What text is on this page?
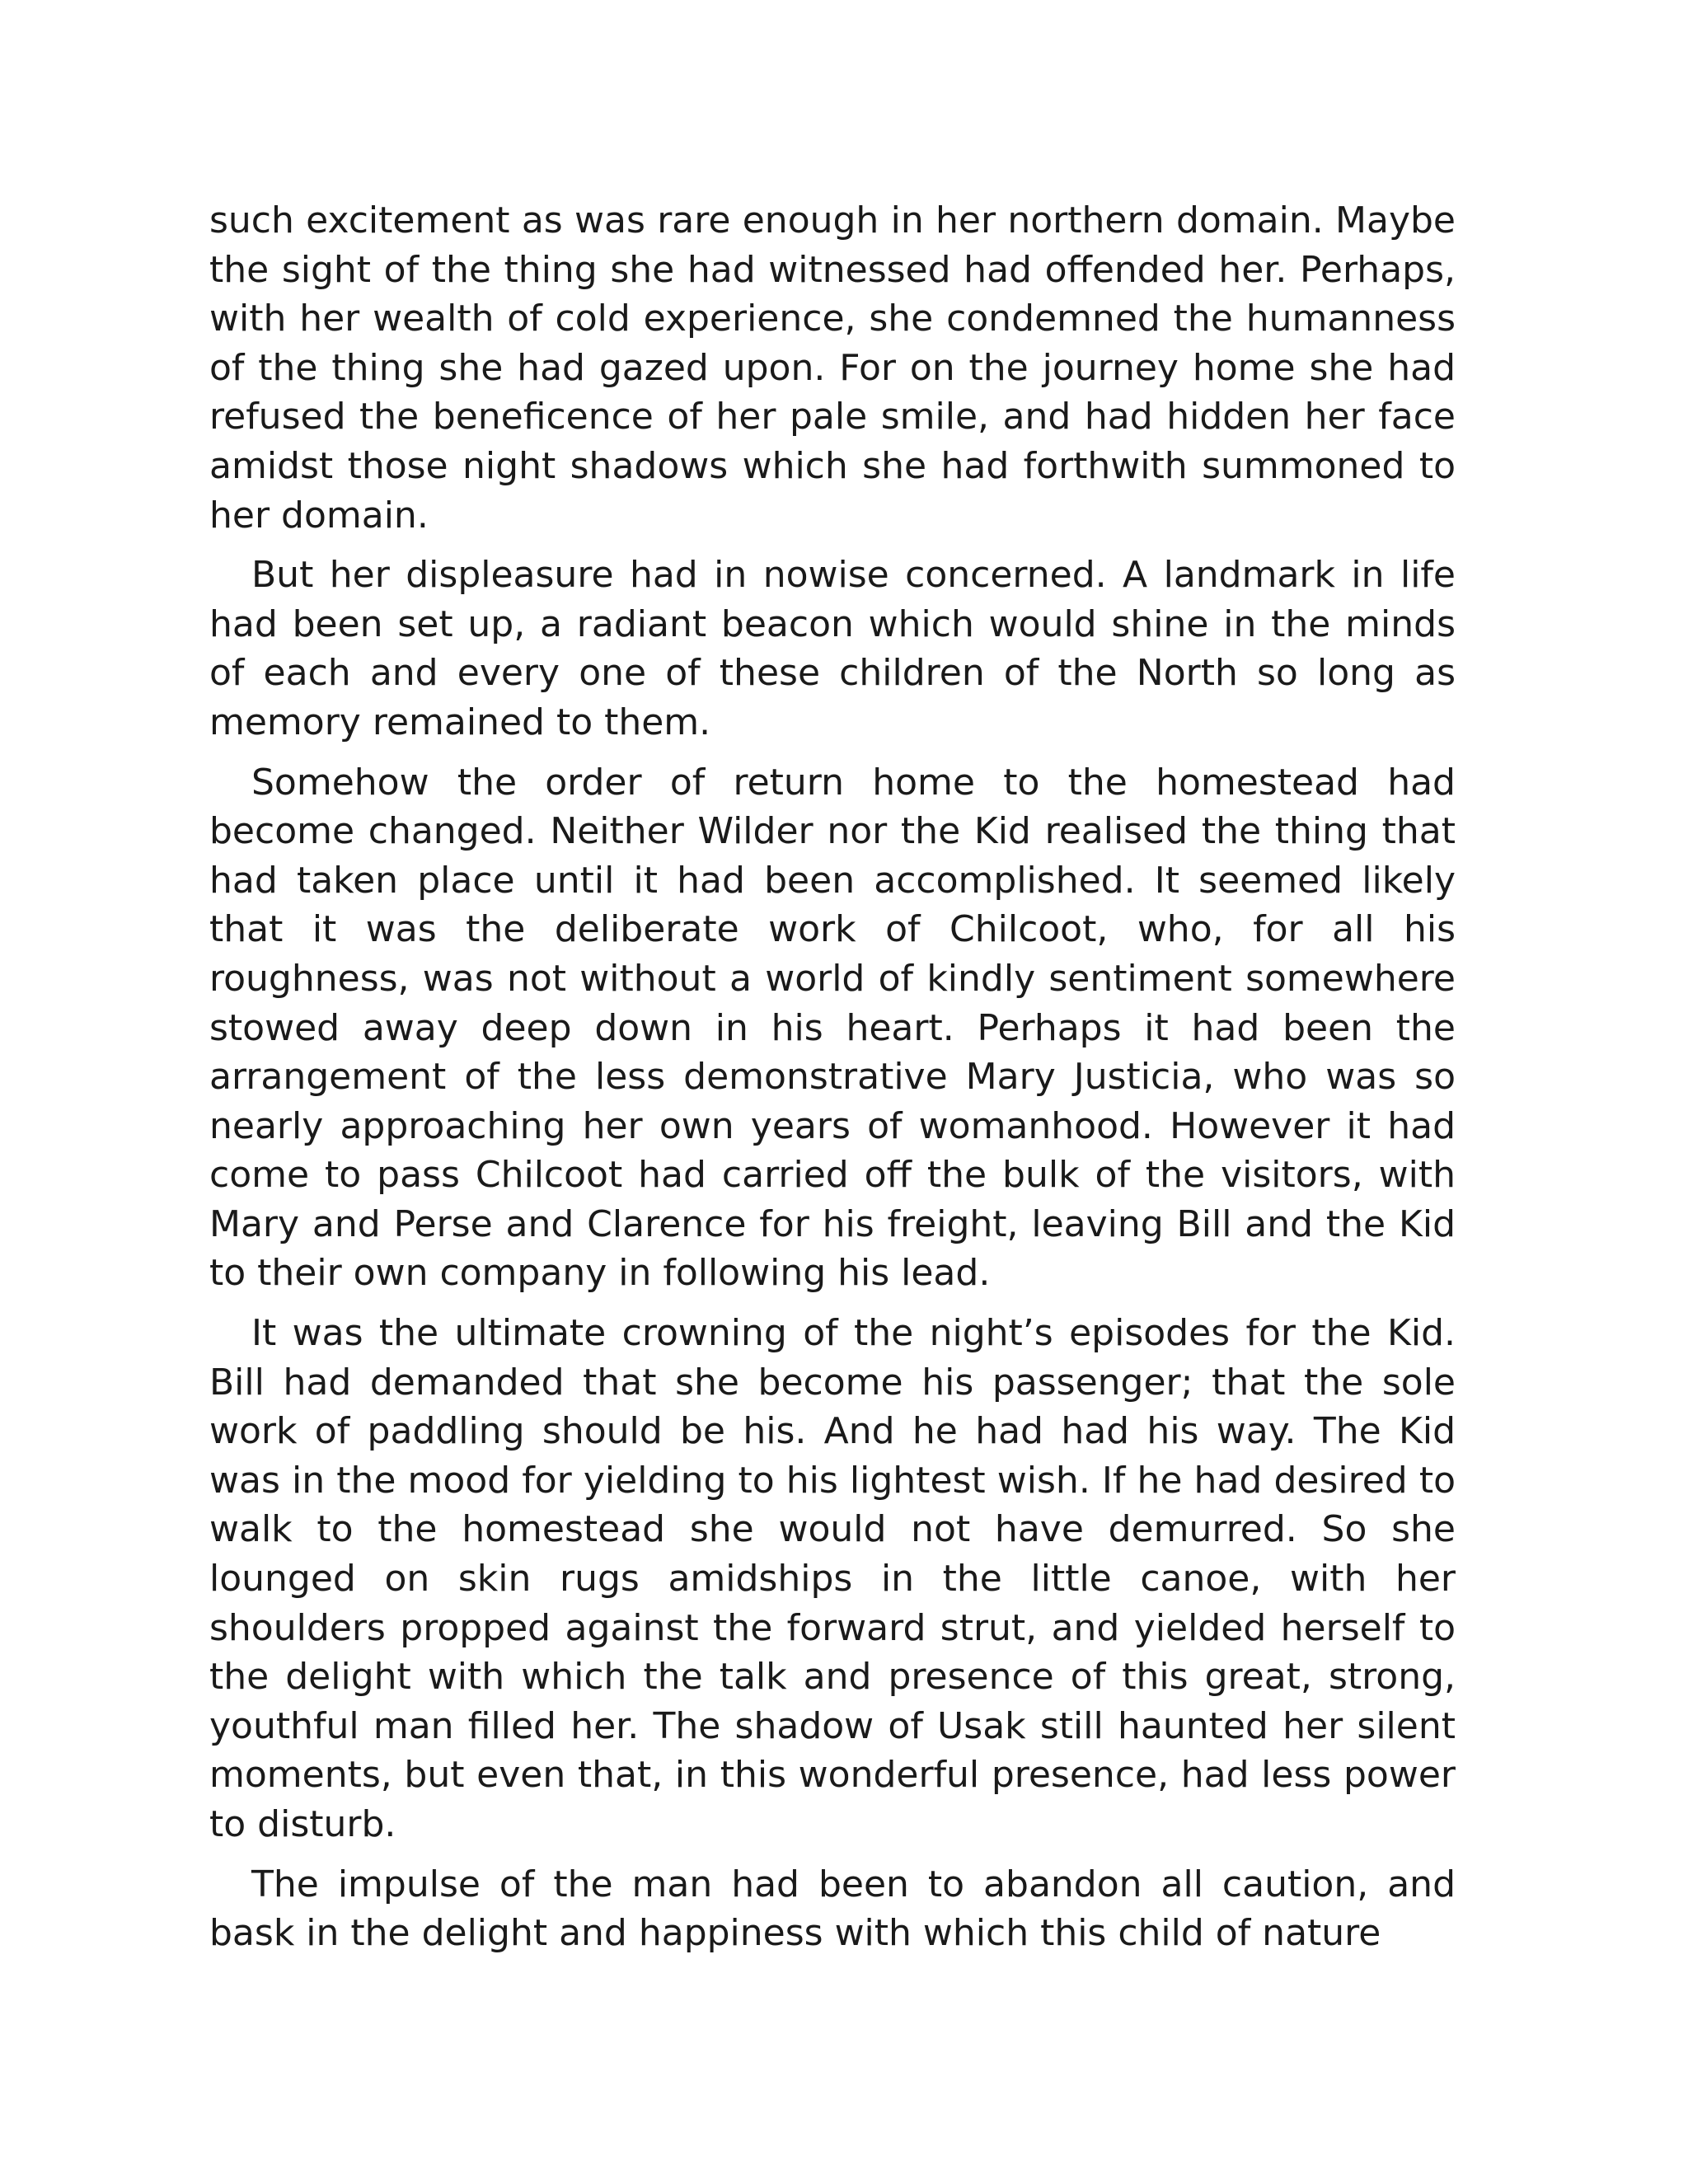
such excitement as was rare enough in her northern domain. Maybe the sight of the thing she had witnessed had offended her. Perhaps, with her wealth of cold experience, she condemned the humanness of the thing she had gazed upon. For on the journey home she had refused the beneficence of her pale smile, and had hidden her face amidst those night shadows which she had forthwith summoned to her domain.

But her displeasure had in nowise concerned. A landmark in life had been set up, a radiant beacon which would shine in the minds of each and every one of these children of the North so long as memory remained to them.

Somehow the order of return home to the homestead had become changed. Neither Wilder nor the Kid realised the thing that had taken place until it had been accomplished. It seemed likely that it was the deliberate work of Chilcoot, who, for all his roughness, was not without a world of kindly sentiment somewhere stowed away deep down in his heart. Perhaps it had been the arrangement of the less demonstrative Mary Justicia, who was so nearly approaching her own years of womanhood. However it had come to pass Chilcoot had carried off the bulk of the visitors, with Mary and Perse and Clarence for his freight, leaving Bill and the Kid to their own company in following his lead.

It was the ultimate crowning of the night’s episodes for the Kid. Bill had demanded that she become his passenger; that the sole work of paddling should be his. And he had had his way. The Kid was in the mood for yielding to his lightest wish. If he had desired to walk to the homestead she would not have demurred. So she lounged on skin rugs amidships in the little canoe, with her shoulders propped against the forward strut, and yielded herself to the delight with which the talk and presence of this great, strong, youthful man filled her. The shadow of Usak still haunted her silent moments, but even that, in this wonderful presence, had less power to disturb.

The impulse of the man had been to abandon all caution, and bask in the delight and happiness with which this child of nature
